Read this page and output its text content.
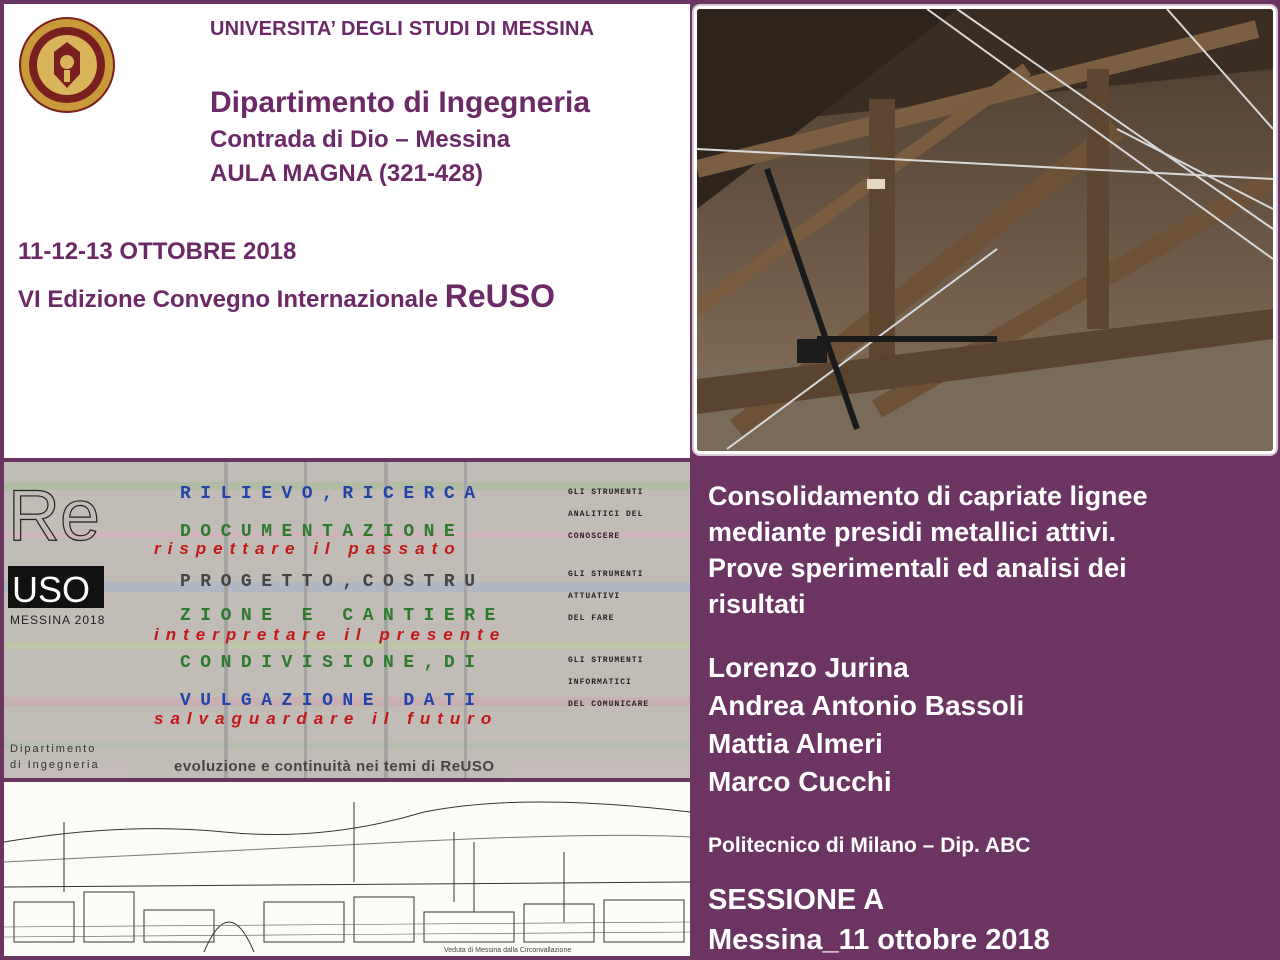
UNIVERSITA’ DEGLI STUDI DI MESSINA
Dipartimento di Ingegneria
Contrada di Dio – Messina
AULA MAGNA (321-428)
11-12-13 OTTOBRE 2018
VI Edizione Convegno Internazionale ReUSO
Re
USO
MESSINA 2018
RILIEVO,RICERCA
DOCUMENTAZIONE
PROGETTO,COSTRU
ZIONE E CANTIERE
CONDIVISIONE,DI
VULGAZIONE DATI
rispettare il passato
interpretare il presente
salvaguardare il futuro
GLI STRUMENTI
ANALITICI DEL
CONOSCERE
GLI STRUMENTI
ATTUATIVI
DEL FARE
GLI STRUMENTI
INFORMATICI
DEL COMUNICARE
Dipartimento
di Ingegneria	evoluzione e continuità nei temi di ReUSO
Veduta di Messina dalla Circonvallazione
Consolidamento di capriate lignee
mediante presidi metallici attivi.
Prove sperimentali ed analisi dei
risultati
Lorenzo Jurina
Andrea Antonio Bassoli
Mattia Almeri
Marco Cucchi
Politecnico di Milano – Dip. ABC
SESSIONE A
Messina_11 ottobre 2018
